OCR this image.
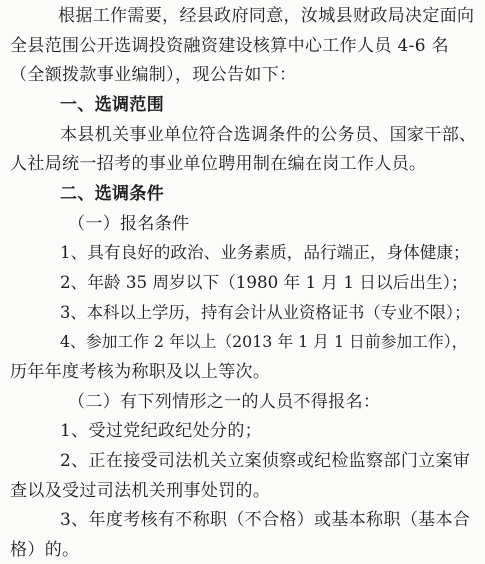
根据工作需要，经县政府同意，汝城县财政局决定面向
全县范围公开选调投资融资建设核算中心工作人员 4-6 名
（全额拨款事业编制），现公告如下：
一、选调范围
本县机关事业单位符合选调条件的公务员、国家干部、
人社局统一招考的事业单位聘用制在编在岗工作人员。
二、选调条件
（一）报名条件
1、具有良好的政治、业务素质，品行端正，身体健康；
2、年龄 35 周岁以下（1980 年 1 月 1 日以后出生）；
3、本科以上学历，持有会计从业资格证书（专业不限）；
4、参加工作 2 年以上（2013 年 1 月 1 日前参加工作），
历年年度考核为称职及以上等次。
（二）有下列情形之一的人员不得报名：
1、受过党纪政纪处分的；
2、正在接受司法机关立案侦察或纪检监察部门立案审
查以及受过司法机关刑事处罚的。
3、年度考核有不称职（不合格）或基本称职（基本合
格）的。
